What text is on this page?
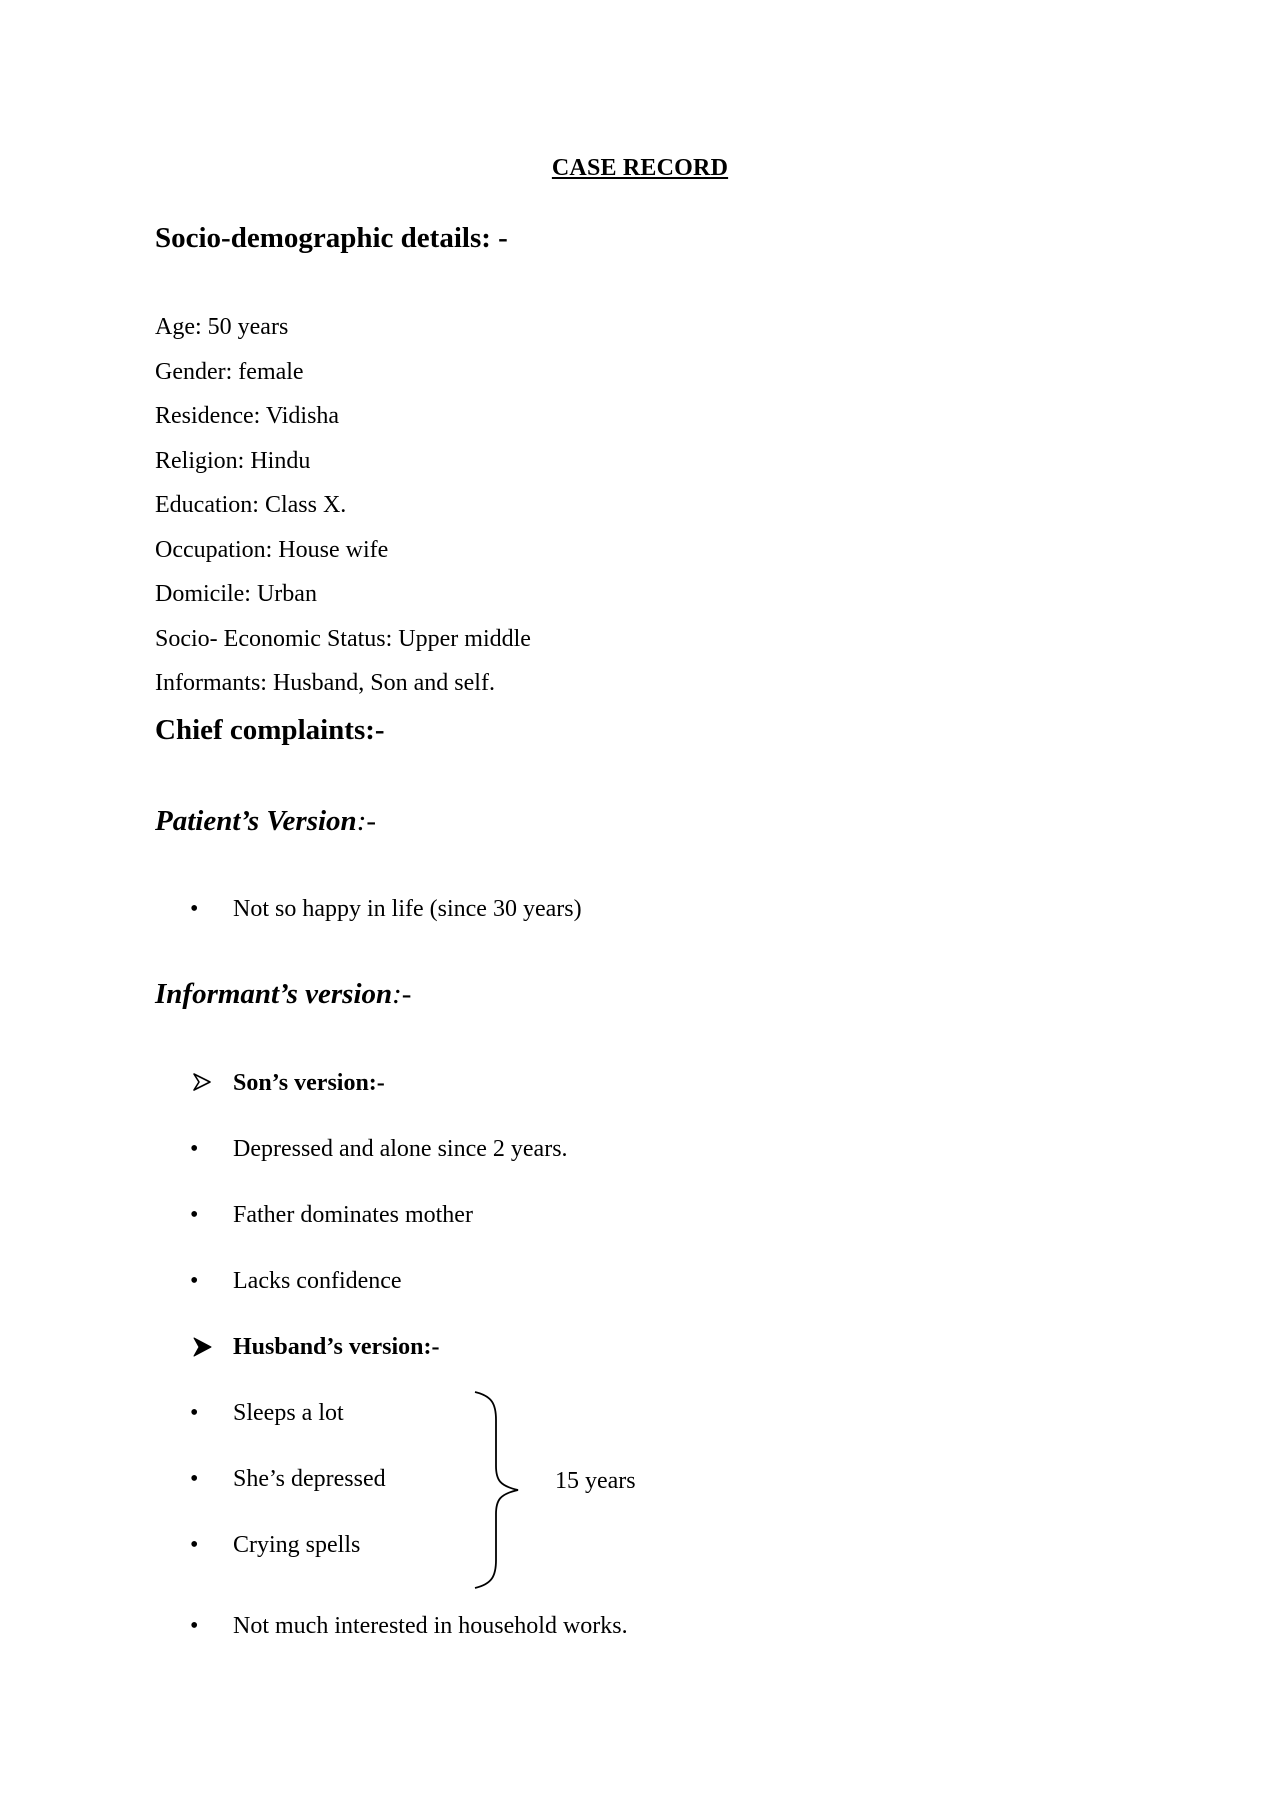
CASE RECORD
Socio-demographic details: -
Age: 50 years
Gender: female
Residence: Vidisha
Religion: Hindu
Education: Class X.
Occupation: House wife
Domicile: Urban
Socio- Economic Status: Upper middle
Informants: Husband, Son and self.
Chief complaints:-
Patient’s Version:-
•	Not so happy in life (since 30 years)
Informant’s version:-
Son’s version:-
•	Depressed and alone since 2 years.
•	Father dominates mother
•	Lacks confidence
Husband’s version:-
•	Sleeps a lot
•	She’s depressed
•	Crying spells
15 years
•	Not much interested in household works.
